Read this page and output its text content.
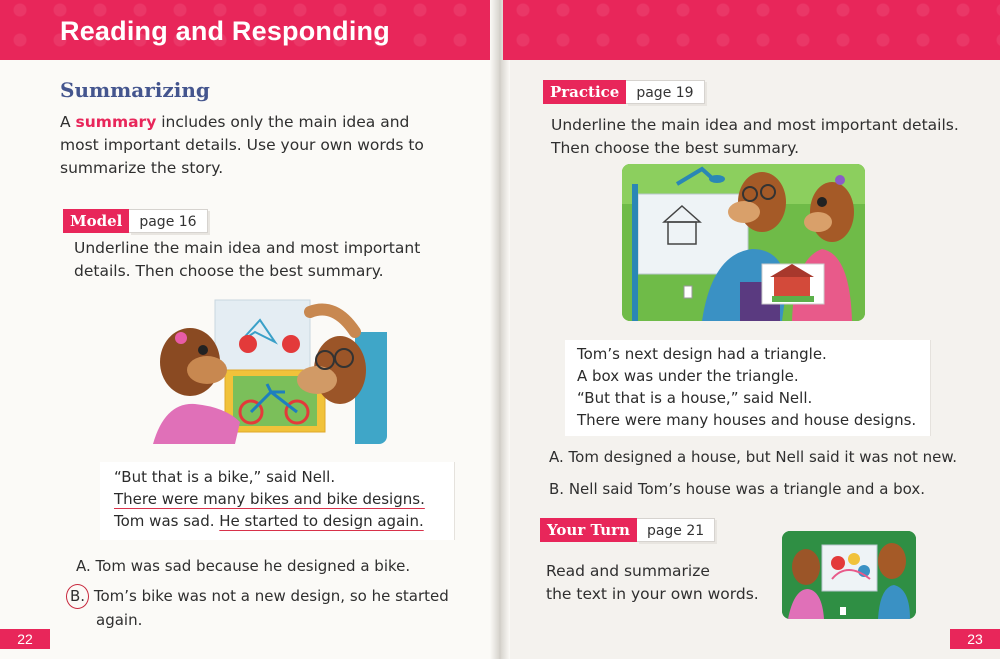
Reading and Responding
Summarizing
A summary includes only the main idea and
most important details. Use your own words to
summarize the story.
Model	page 16
Underline the main idea and most important
details. Then choose the best summary.
“But that is a bike,” said Nell.
There were many bikes and bike designs.
Tom was sad. He started to design again.
A. Tom was sad because he designed a bike.
B. Tom’s bike was not a new design, so he started
again.
22
Practice	page 19
Underline the main idea and most important details.
Then choose the best summary.
Tom’s next design had a triangle.
A box was under the triangle.
“But that is a house,” said Nell.
There were many houses and house designs.
A. Tom designed a house, but Nell said it was not new.
B. Nell said Tom’s house was a triangle and a box.
Your Turn	page 21
Read and summarize
the text in your own words.
23
